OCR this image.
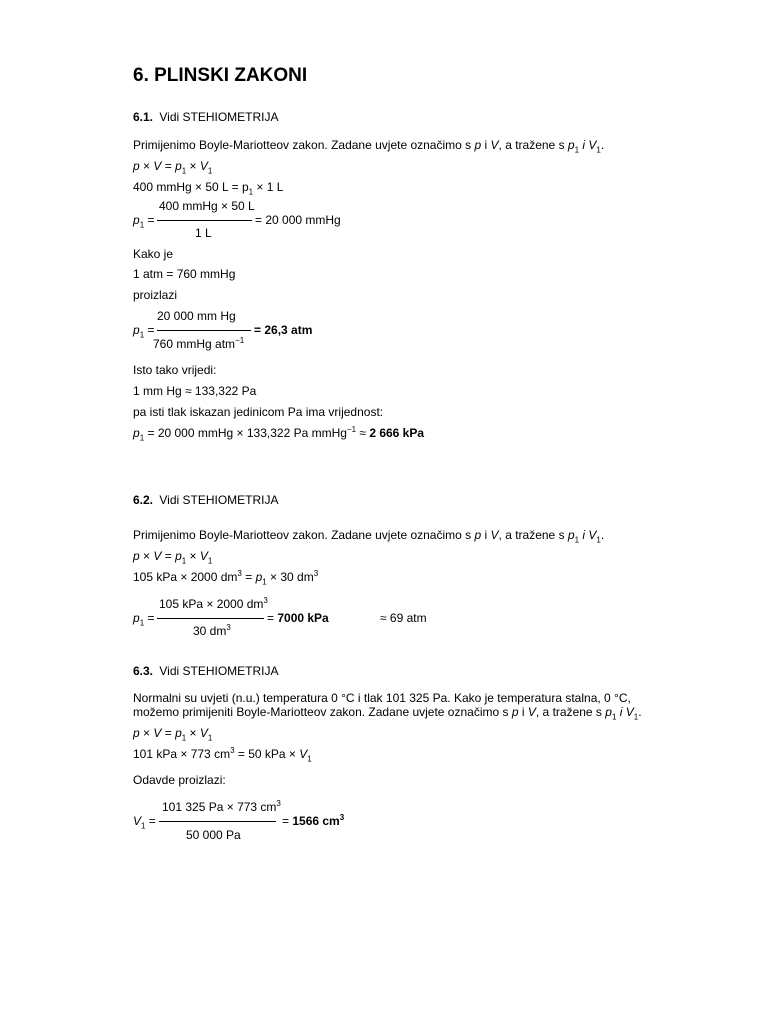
6. PLINSKI ZAKONI
6.1. Vidi STEHIOMETRIJA
Primijenimo Boyle-Mariotteov zakon. Zadane uvjete označimo s p i V, a tražene s $p_1$ i $V_1$.
$p \times V = p_1 \times V_1$
400 mmHg × 50 $L = p_1 \times 1$ L
400 mmHg × 50 L
$p_1$ =	= 20 000 mmHg
1 L
Kako je
1 atm = 760 mmHg
proizlazi
20 000 mm Hg
$p_1$ =	= 26,3 atm
760 mmHg atm$^{-1}$
Isto tako vrijedi:
1 mm Hg ≈ 133,322 Pa
pa isti tlak iskazan jedinicom Pa ima vrijednost:
$p_1 = 20$ 000 mmHg × 133,322 Pa mmHg$^{-1}$ ≈ 2 666 kPa
6.2. Vidi STEHIOMETRIJA
Primijenimo Boyle-Mariotteov zakon. Zadane uvjete označimo s p i V, a tražene s $p_1$ i $V_1$.
$p \times V = p_1 \times V_1$
105 kPa × 2000 $dm^3 = p_1 \times 30$ $dm^3$
105 kPa × 2000 $dm^3$
$p_1$ =	= 7000 kPa	≈ 69 atm
30 $dm^3$
6.3. Vidi STEHIOMETRIJA
Normalni su uvjeti (n.u.) temperatura 0 °C i tlak 101 325 Pa. Kako je temperatura stalna, 0 °C,
možemo primijeniti Boyle-Mariotteov zakon. Zadane uvjete označimo s p i V, a tražene s $p_1$ i $V_1$.
$p \times V = p_1 \times V_1$
101 kPa × 773 $cm^3 = 50$ kPa × $V_1$
Odavde proizlazi:
101 325 Pa × 773 $cm^3$
$V_1$ =	= 1566 $cm^3$
50 000 Pa
